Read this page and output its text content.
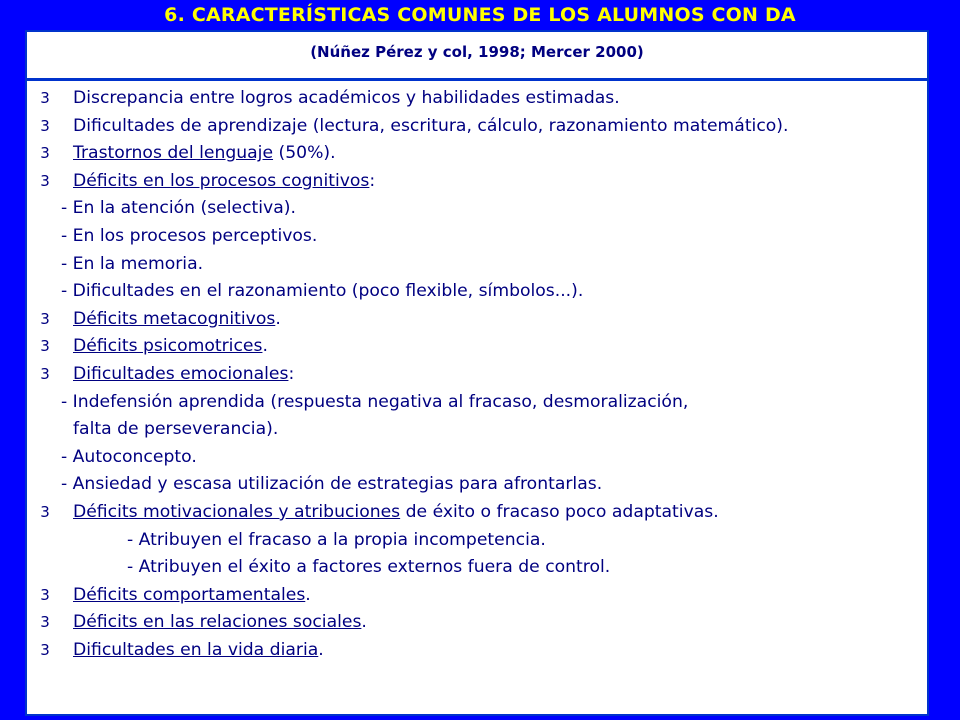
6. CARACTERÍSTICAS COMUNES DE LOS ALUMNOS CON DA
(Núñez Pérez y col, 1998; Mercer 2000)
3	Discrepancia entre logros académicos y habilidades estimadas.
3	Dificultades de aprendizaje (lectura, escritura, cálculo, razonamiento matemático).
3	Trastornos del lenguaje (50%).
3	Déficits en los procesos cognitivos:
- En la atención (selectiva).
- En los procesos perceptivos.
- En la memoria.
- Dificultades en el razonamiento (poco flexible, símbolos...).
3	Déficits metacognitivos.
3	Déficits psicomotrices.
3	Dificultades emocionales:
- Indefensión aprendida (respuesta negativa al fracaso, desmoralización,
falta de perseverancia).
- Autoconcepto.
- Ansiedad y escasa utilización de estrategias para afrontarlas.
3	Déficits motivacionales y atribuciones de éxito o fracaso poco adaptativas.
- Atribuyen el fracaso a la propia incompetencia.
- Atribuyen el éxito a factores externos fuera de control.
3	Déficits comportamentales.
3	Déficits en las relaciones sociales.
3	Dificultades en la vida diaria.
